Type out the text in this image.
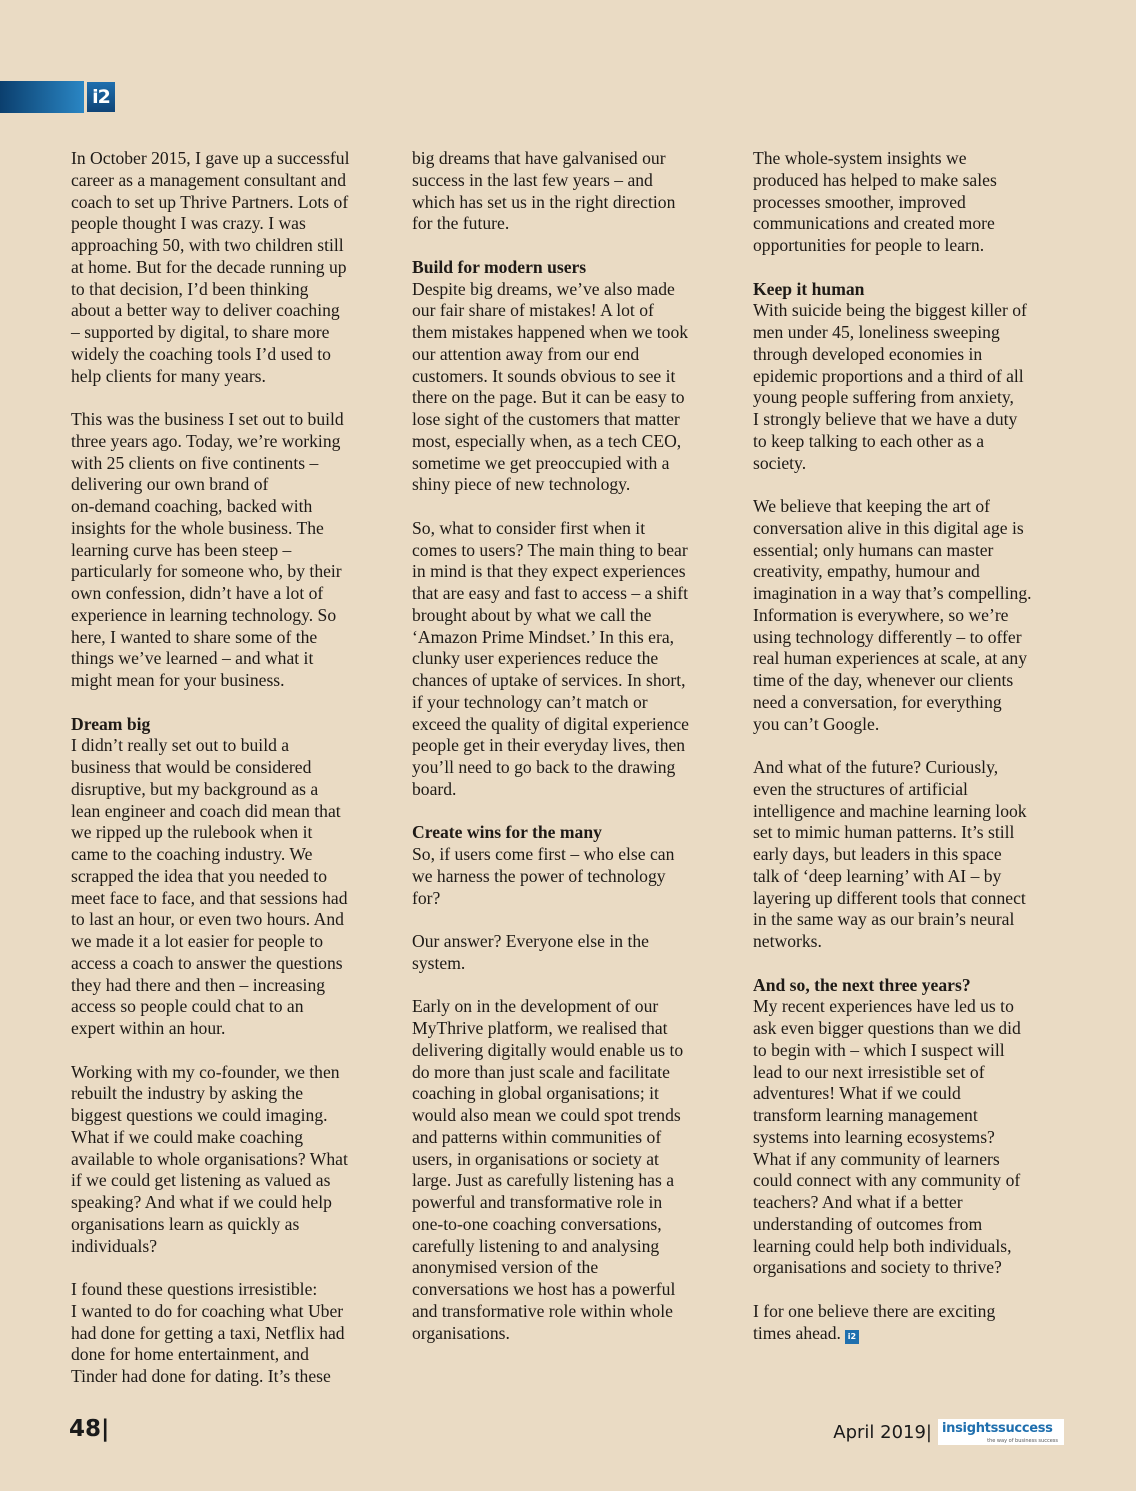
i2

In October 2015, I gave up a successful
career as a management consultant and
coach to set up Thrive Partners. Lots of
people thought I was crazy. I was
approaching 50, with two children still
at home. But for the decade running up
to that decision, I’d been thinking
about a better way to deliver coaching
– supported by digital, to share more
widely the coaching tools I’d used to
help clients for many years.

This was the business I set out to build
three years ago. Today, we’re working
with 25 clients on five continents –
delivering our own brand of
on-demand coaching, backed with
insights for the whole business. The
learning curve has been steep –
particularly for someone who, by their
own confession, didn’t have a lot of
experience in learning technology. So
here, I wanted to share some of the
things we’ve learned – and what it
might mean for your business.

Dream big

I didn’t really set out to build a
business that would be considered
disruptive, but my background as a
lean engineer and coach did mean that
we ripped up the rulebook when it
came to the coaching industry. We
scrapped the idea that you needed to
meet face to face, and that sessions had
to last an hour, or even two hours. And
we made it a lot easier for people to
access a coach to answer the questions
they had there and then – increasing
access so people could chat to an
expert within an hour.

Working with my co-founder, we then
rebuilt the industry by asking the
biggest questions we could imaging.
What if we could make coaching
available to whole organisations? What
if we could get listening as valued as
speaking? And what if we could help
organisations learn as quickly as
individuals?

I found these questions irresistible:
I wanted to do for coaching what Uber
had done for getting a taxi, Netflix had
done for home entertainment, and
Tinder had done for dating. It’s these

big dreams that have galvanised our
success in the last few years – and
which has set us in the right direction
for the future.

Build for modern users

Despite big dreams, we’ve also made
our fair share of mistakes! A lot of
them mistakes happened when we took
our attention away from our end
customers. It sounds obvious to see it
there on the page. But it can be easy to
lose sight of the customers that matter
most, especially when, as a tech CEO,
sometime we get preoccupied with a
shiny piece of new technology.

So, what to consider first when it
comes to users? The main thing to bear
in mind is that they expect experiences
that are easy and fast to access – a shift
brought about by what we call the
‘Amazon Prime Mindset.’ In this era,
clunky user experiences reduce the
chances of uptake of services. In short,
if your technology can’t match or
exceed the quality of digital experience
people get in their everyday lives, then
you’ll need to go back to the drawing
board.

Create wins for the many

So, if users come first – who else can
we harness the power of technology
for?

Our answer? Everyone else in the
system.

Early on in the development of our
MyThrive platform, we realised that
delivering digitally would enable us to
do more than just scale and facilitate
coaching in global organisations; it
would also mean we could spot trends
and patterns within communities of
users, in organisations or society at
large. Just as carefully listening has a
powerful and transformative role in
one-to-one coaching conversations,
carefully listening to and analysing
anonymised version of the
conversations we host has a powerful
and transformative role within whole
organisations.

The whole-system insights we
produced has helped to make sales
processes smoother, improved
communications and created more
opportunities for people to learn.

Keep it human

With suicide being the biggest killer of
men under 45, loneliness sweeping
through developed economies in
epidemic proportions and a third of all
young people suffering from anxiety,
I strongly believe that we have a duty
to keep talking to each other as a
society.

We believe that keeping the art of
conversation alive in this digital age is
essential; only humans can master
creativity, empathy, humour and
imagination in a way that’s compelling.
Information is everywhere, so we’re
using technology differently – to offer
real human experiences at scale, at any
time of the day, whenever our clients
need a conversation, for everything
you can’t Google.

And what of the future? Curiously,
even the structures of artificial
intelligence and machine learning look
set to mimic human patterns. It’s still
early days, but leaders in this space
talk of ‘deep learning’ with AI – by
layering up different tools that connect
in the same way as our brain’s neural
networks.

And so, the next three years?

My recent experiences have led us to
ask even bigger questions than we did
to begin with – which I suspect will
lead to our next irresistible set of
adventures! What if we could
transform learning management
systems into learning ecosystems?
What if any community of learners
could connect with any community of
teachers? And what if a better
understanding of outcomes from
learning could help both individuals,
organisations and society to thrive?

I for one believe there are exciting
times ahead. i2

48|	April 2019| insightssuccess
the way of business success
